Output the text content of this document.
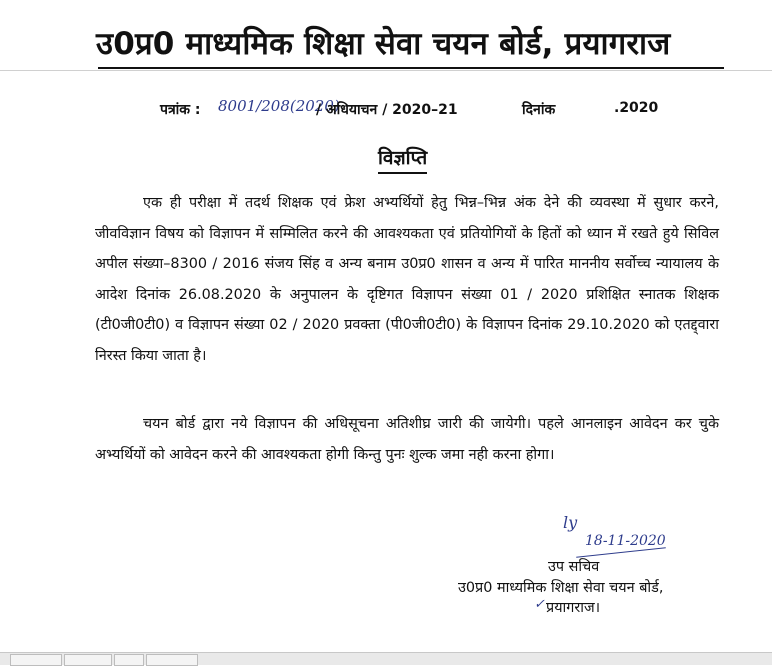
उ0प्र0 माध्यमिक शिक्षा सेवा चयन बोर्ड, प्रयागराज
पत्रांक : 8001/208(2020)
/ अधियाचन / 2020–21	दिनांक	.2020
विज्ञप्ति

एक ही परीक्षा में तदर्थ शिक्षक एवं फ्रेश अभ्यर्थियों हेतु भिन्न–भिन्न अंक देने की व्यवस्था में सुधार करने, जीवविज्ञान विषय को विज्ञापन में सम्मिलित करने की आवश्यकता एवं प्रतियोगियों के हितों को ध्यान में रखते हुये सिविल अपील संख्या–8300 / 2016 संजय सिंह व अन्य बनाम उ0प्र0 शासन व अन्य में पारित माननीय सर्वोच्च न्यायालय के आदेश दिनांक 26.08.2020 के अनुपालन के दृष्टिगत विज्ञापन संख्या 01 / 2020 प्रशिक्षित स्नातक शिक्षक (टी0जी0टी0) व विज्ञापन संख्या 02 / 2020 प्रवक्ता (पी0जी0टी0) के विज्ञापन दिनांक 29.10.2020 को एतद्द्वारा निरस्त किया जाता है।

चयन बोर्ड द्वारा नये विज्ञापन की अधिसूचना अतिशीघ्र जारी की जायेगी। पहले आनलाइन आवेदन कर चुके अभ्यर्थियों को आवेदन करने की आवश्यकता होगी किन्तु पुनः शुल्क जमा नही करना होगा।

ly
18-11-2020
उप सचिव
उ0प्र0 माध्यमिक शिक्षा सेवा चयन बोर्ड,
✓ प्रयागराज।
